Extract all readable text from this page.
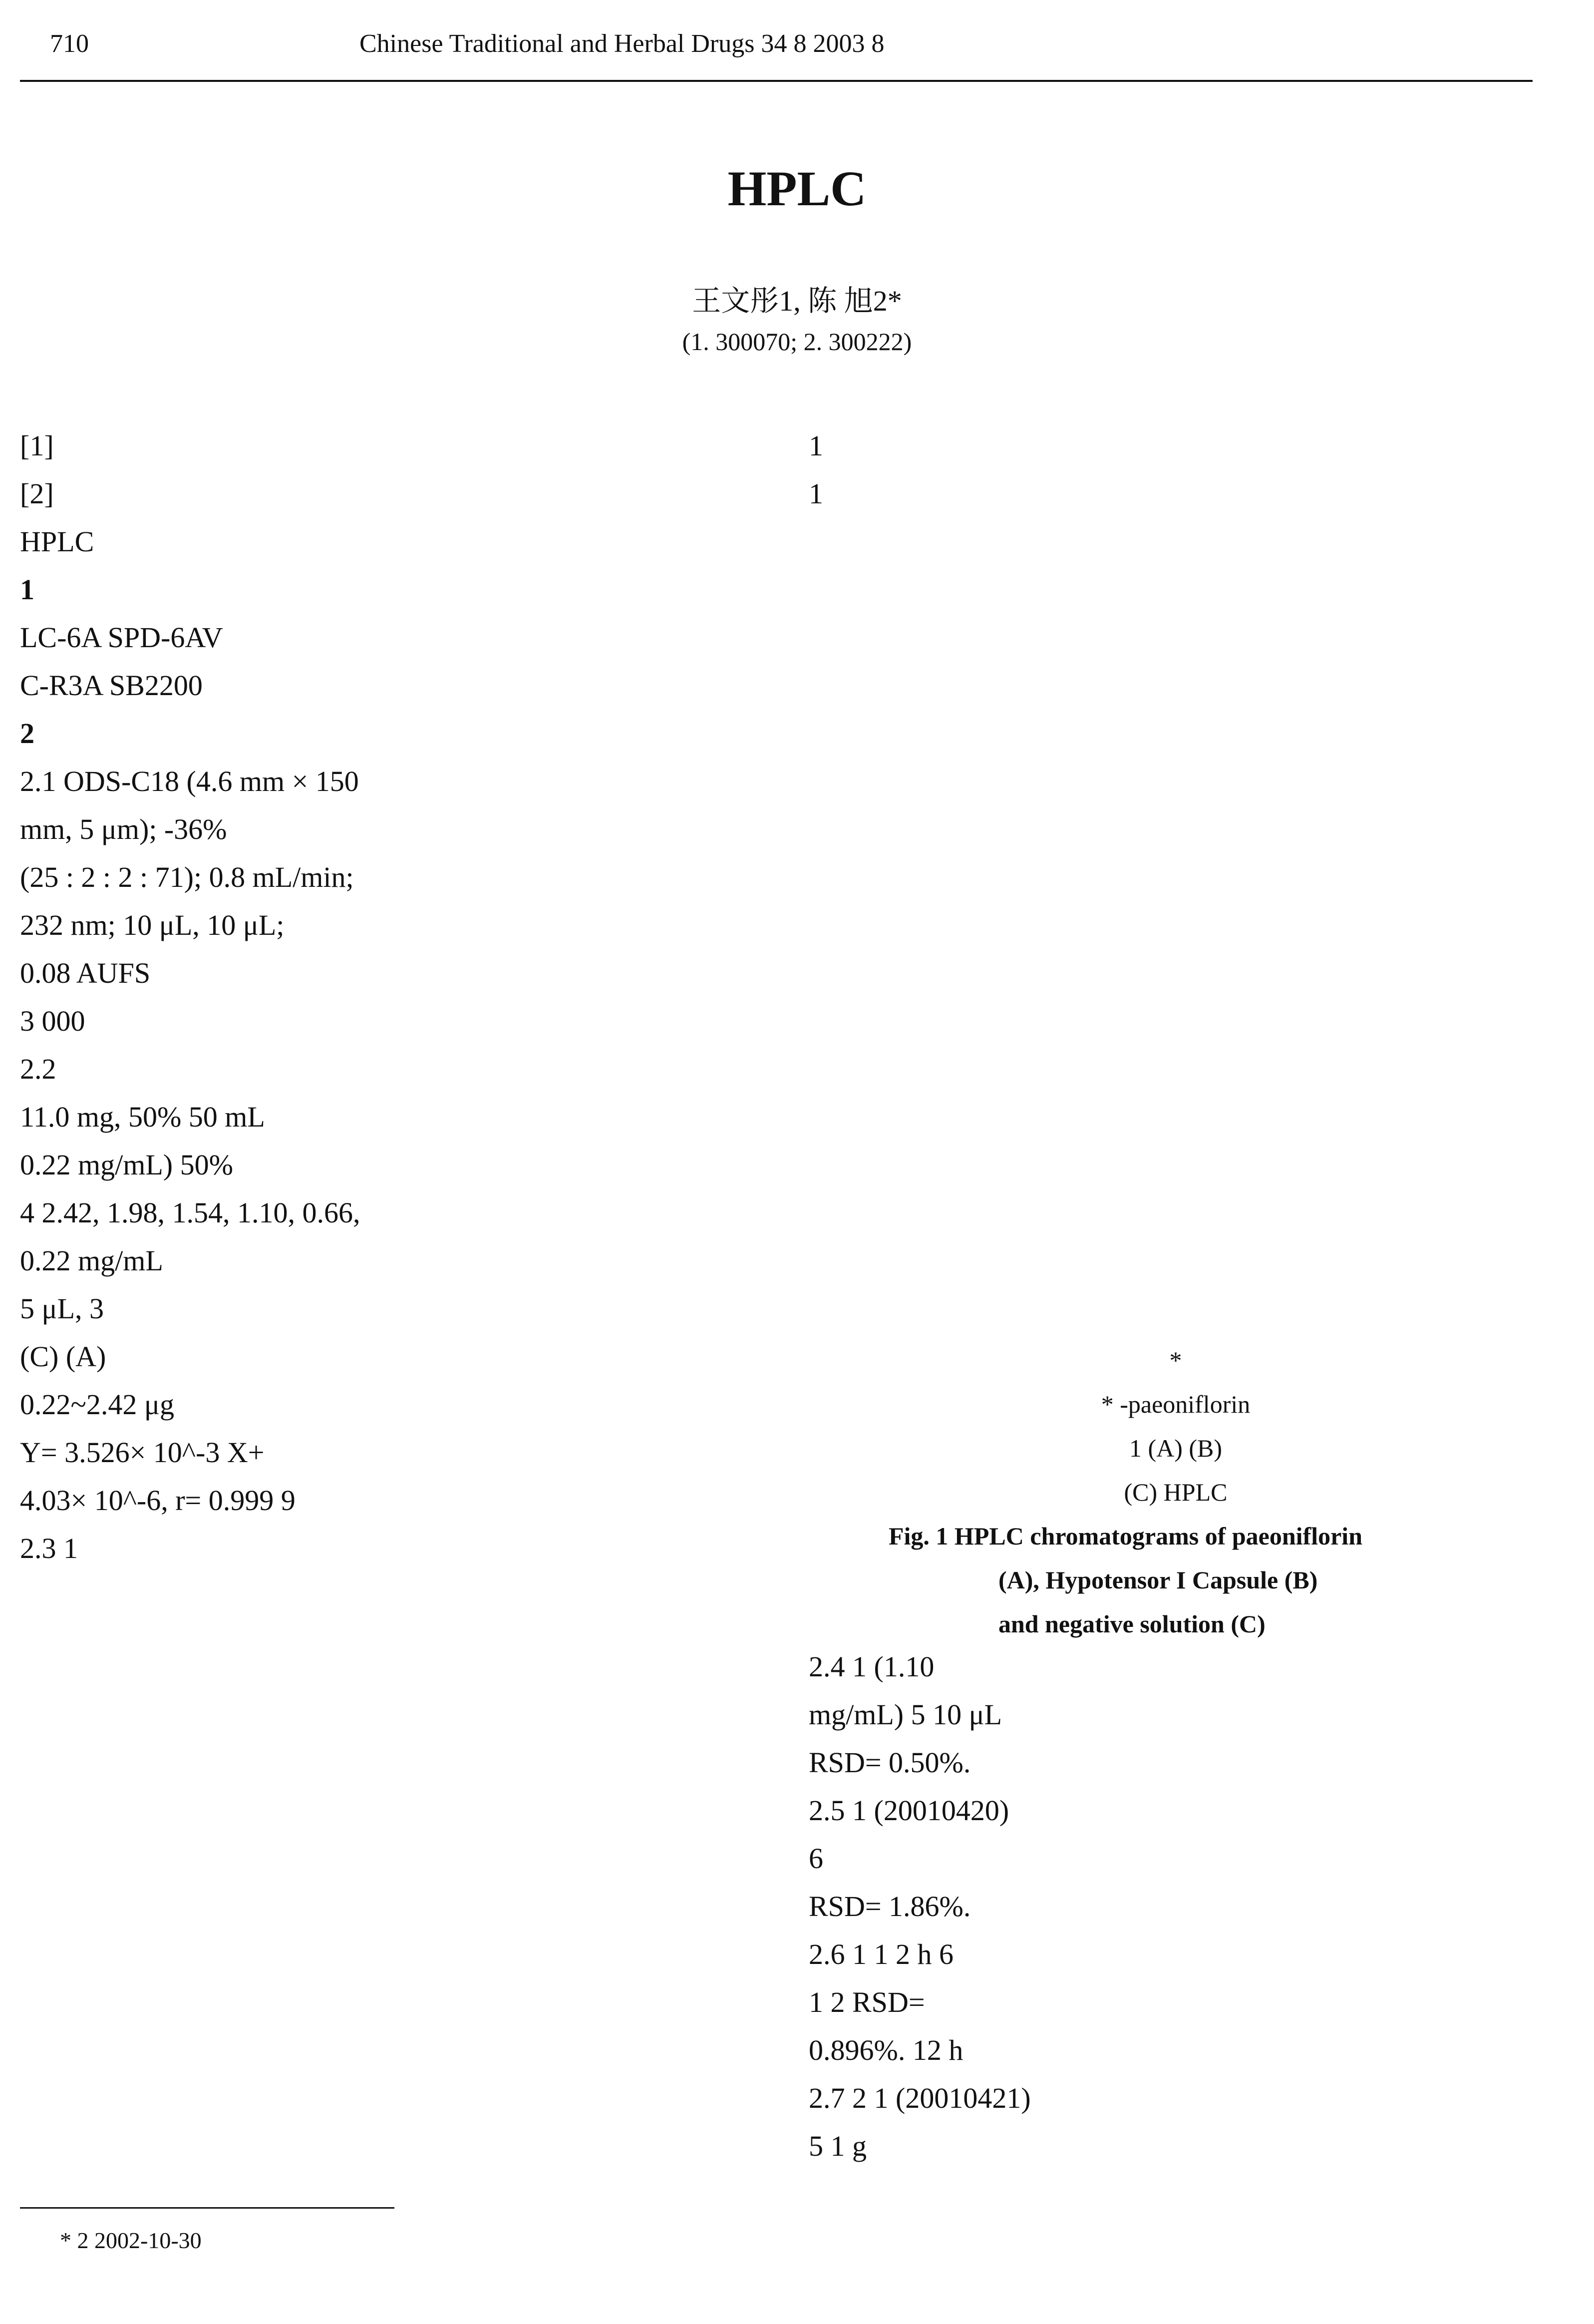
710	Chinese Traditional and Herbal Drugs 34 8 2003 8
HPLC
王文彤1, 陈 旭2*
(1. 300070; 2. 300222)

[1]

[2]

HPLC

1

LC-6A SPD-6AV

C-R3A SB2200

2

2.1 ODS-C18 (4.6 mm × 150

mm, 5 μm); -36%

(25 : 2 : 2 : 71); 0.8 mL/min;

232 nm; 10 μL, 10 μL;

0.08 AUFS

3 000

2.2

11.0 mg, 50% 50 mL

0.22 mg/mL) 50%

4 2.42, 1.98, 1.54, 1.10, 0.66,

0.22 mg/mL

5 μL, 3

(C) (A)

0.22~2.42 μg

Y= 3.526× 10^-3 X+

4.03× 10^-6, r= 0.999 9

2.3 1

1

1

*

* -paeoniflorin

1 (A) (B)

(C) HPLC

Fig. 1 HPLC chromatograms of paeoniflorin

(A), Hypotensor I Capsule (B)

and negative solution (C)

2.4 1 (1.10

mg/mL) 5 10 μL

RSD= 0.50%.

2.5 1 (20010420)

6

RSD= 1.86%.

2.6 1 1 2 h 6

1 2 RSD=

0.896%. 12 h

2.7 2 1 (20010421)

5 1 g

* 2 2002-10-30
